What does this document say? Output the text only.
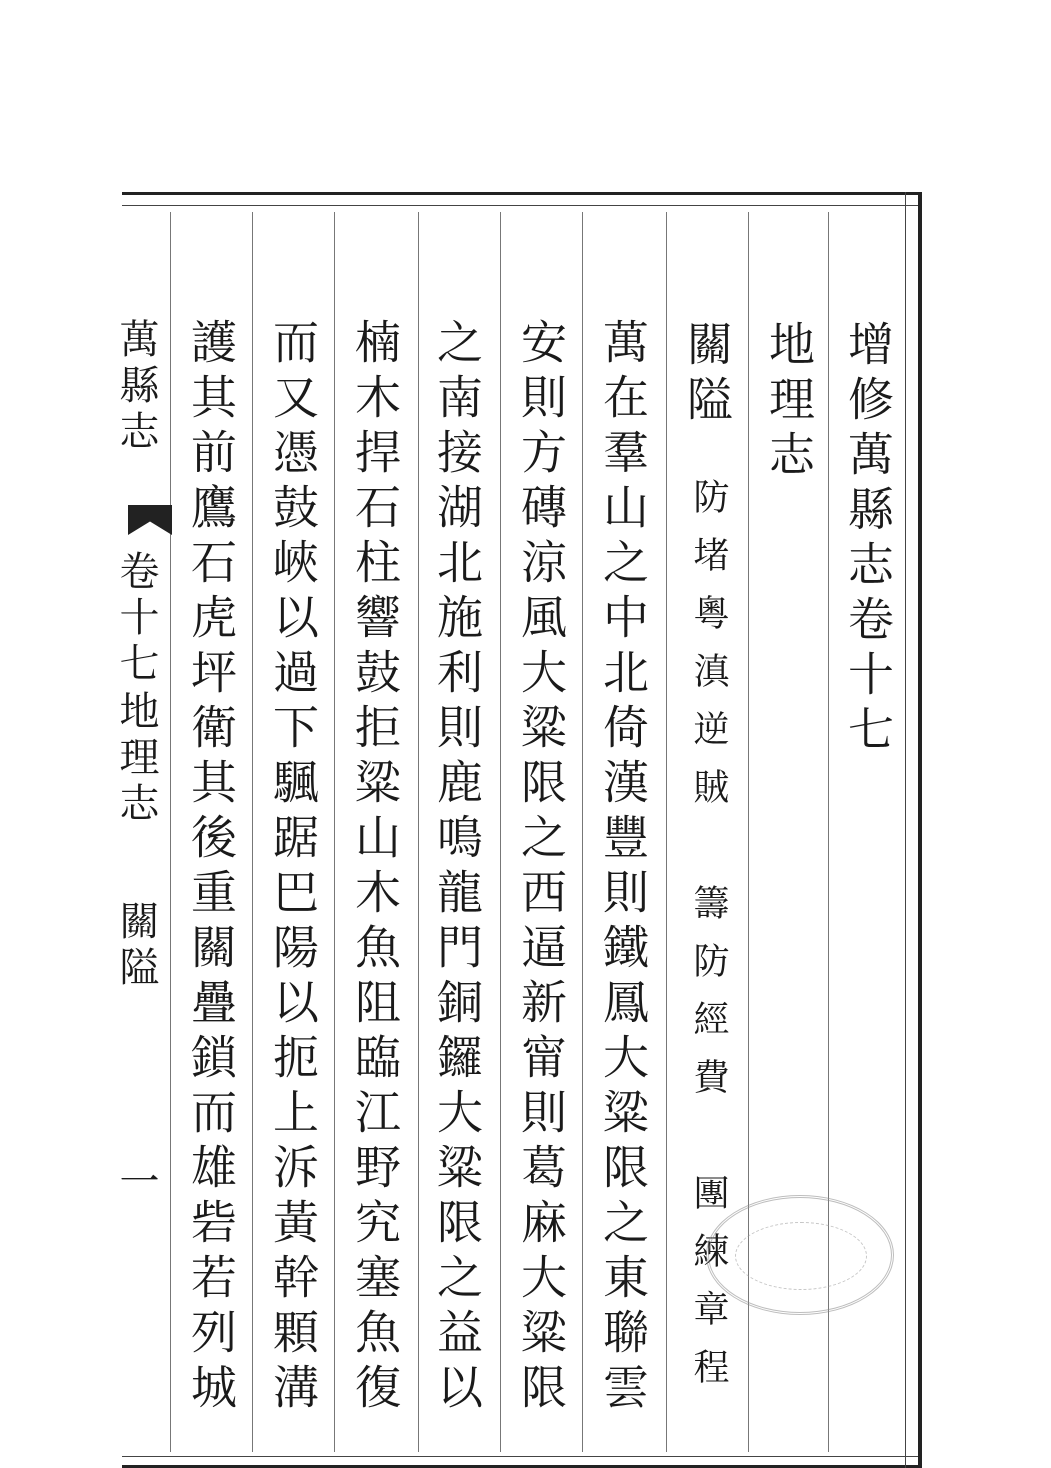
增修萬縣志卷十七
地理志
關隘
防堵粵滇逆賊　籌防經費　團練章程
萬在羣山之中北倚漢豐則鐵鳳大粱限之東聯雲
安則方磚涼風大粱限之西逼新甯則葛麻大粱限
之南接湖北施利則鹿鳴龍門銅鑼大粱限之益以
楠木捍石柱響鼓拒粱山木魚阻臨江野究塞魚復
而又憑鼓峽以過下颿踞巴陽以扼上泝黃幹顆溝
護其前鷹石虎坪衛其後重關疊鎖而雄砦若列城
萬縣志
卷十七
地理志
關隘
一
